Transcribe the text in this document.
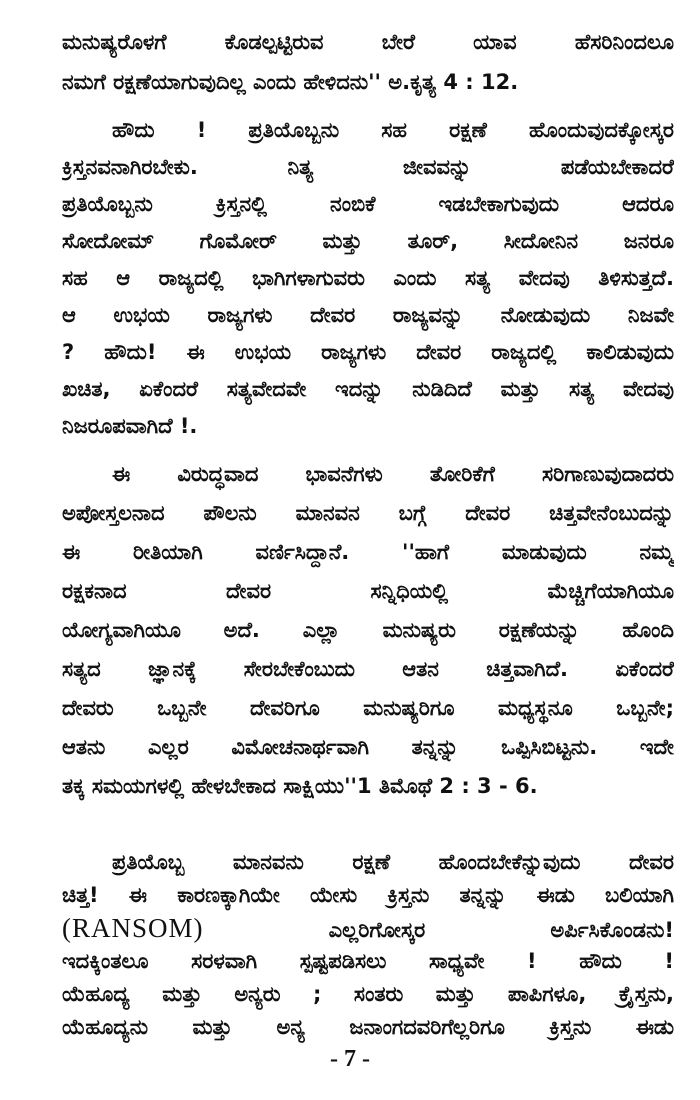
ಮನುಷ್ಯರೊಳಗೆ ಕೊಡಲ್ಪಟ್ಟಿರುವ ಬೇರೆ ಯಾವ ಹೆಸರಿನಿಂದಲೂ
ನಮಗೆ ರಕ್ಷಣೆಯಾಗುವುದಿಲ್ಲ ಎಂದು ಹೇಳಿದನು'' ಅ.ಕೃತ್ಯ 4 : 12.
ಹೌದು ! ಪ್ರತಿಯೊಬ್ಬನು ಸಹ ರಕ್ಷಣೆ ಹೊಂದುವುದಕ್ಕೋಸ್ಕರ
ಕ್ರಿಸ್ತನವನಾಗಿರಬೇಕು. ನಿತ್ಯ ಜೀವವನ್ನು ಪಡೆಯಬೇಕಾದರೆ
ಪ್ರತಿಯೊಬ್ಬನು ಕ್ರಿಸ್ತನಲ್ಲಿ ನಂಬಿಕೆ ಇಡಬೇಕಾಗುವುದು ಆದರೂ
ಸೋದೋಮ್ ಗೊಮೋರ್ ಮತ್ತು ತೂರ್, ಸೀದೋನಿನ ಜನರೂ
ಸಹ ಆ ರಾಜ್ಯದಲ್ಲಿ ಭಾಗಿಗಳಾಗುವರು ಎಂದು ಸತ್ಯ ವೇದವು ತಿಳಿಸುತ್ತದೆ.
ಆ ಉಭಯ ರಾಜ್ಯಗಳು ದೇವರ ರಾಜ್ಯವನ್ನು ನೋಡುವುದು ನಿಜವೇ
? ಹೌದು! ಈ ಉಭಯ ರಾಜ್ಯಗಳು ದೇವರ ರಾಜ್ಯದಲ್ಲಿ ಕಾಲಿಡುವುದು
ಖಚಿತ, ಏಕೆಂದರೆ ಸತ್ಯವೇದವೇ ಇದನ್ನು ನುಡಿದಿದೆ ಮತ್ತು ಸತ್ಯ ವೇದವು
ನಿಜರೂಪವಾಗಿದೆ !.
ಈ ವಿರುದ್ಧವಾದ ಭಾವನೆಗಳು ತೋರಿಕೆಗೆ ಸರಿಗಾಣುವುದಾದರು
ಅಪೋಸ್ತಲನಾದ ಪೌಲನು ಮಾನವನ ಬಗ್ಗೆ ದೇವರ ಚಿತ್ತವೇನೆಂಬುದನ್ನು
ಈ ರೀತಿಯಾಗಿ ವರ್ಣಿಸಿದ್ದಾನೆ. ''ಹಾಗೆ ಮಾಡುವುದು ನಮ್ಮ
ರಕ್ಷಕನಾದ ದೇವರ ಸನ್ನಿಧಿಯಲ್ಲಿ ಮೆಚ್ಚಿಗೆಯಾಗಿಯೂ
ಯೋಗ್ಯವಾಗಿಯೂ ಅದೆ. ಎಲ್ಲಾ ಮನುಷ್ಯರು ರಕ್ಷಣೆಯನ್ನು ಹೊಂದಿ
ಸತ್ಯದ ಜ್ಞಾನಕ್ಕೆ ಸೇರಬೇಕೆಂಬುದು ಆತನ ಚಿತ್ತವಾಗಿದೆ. ಏಕೆಂದರೆ
ದೇವರು ಒಬ್ಬನೇ ದೇವರಿಗೂ ಮನುಷ್ಯರಿಗೂ ಮಧ್ಯಸ್ಥನೂ ಒಬ್ಬನೇ;
ಆತನು ಎಲ್ಲರ ವಿಮೋಚನಾರ್ಥವಾಗಿ ತನ್ನನ್ನು ಒಪ್ಪಿಸಿಬಿಟ್ಟನು. ಇದೇ
ತಕ್ಕ ಸಮಯಗಳಲ್ಲಿ ಹೇಳಬೇಕಾದ ಸಾಕ್ಷಿಯು''1 ತಿಮೊಥೆ 2 : 3 - 6.
ಪ್ರತಿಯೊಬ್ಬ ಮಾನವನು ರಕ್ಷಣೆ ಹೊಂದಬೇಕೆನ್ನುವುದು ದೇವರ
ಚಿತ್ತ! ಈ ಕಾರಣಕ್ಕಾಗಿಯೇ ಯೇಸು ಕ್ರಿಸ್ತನು ತನ್ನನ್ನು ಈಡು ಬಲಿಯಾಗಿ
(RANSOM)	ಎಲ್ಲರಿಗೋಸ್ಕರ ಅರ್ಪಿಸಿಕೊಂಡನು!
ಇದಕ್ಕಿಂತಲೂ ಸರಳವಾಗಿ ಸ್ಪಷ್ಟಪಡಿಸಲು ಸಾಧ್ಯವೇ ! ಹೌದು !
- 7 -
ಯೆಹೂದ್ಯ ಮತ್ತು ಅನ್ಯರು ; ಸಂತರು ಮತ್ತು ಪಾಪಿಗಳೂ, ಕ್ರೈಸ್ತನು,
ಯೆಹೂದ್ಯನು ಮತ್ತು ಅನ್ಯ ಜನಾಂಗದವರಿಗೆಲ್ಲರಿಗೂ ಕ್ರಿಸ್ತನು ಈಡು
